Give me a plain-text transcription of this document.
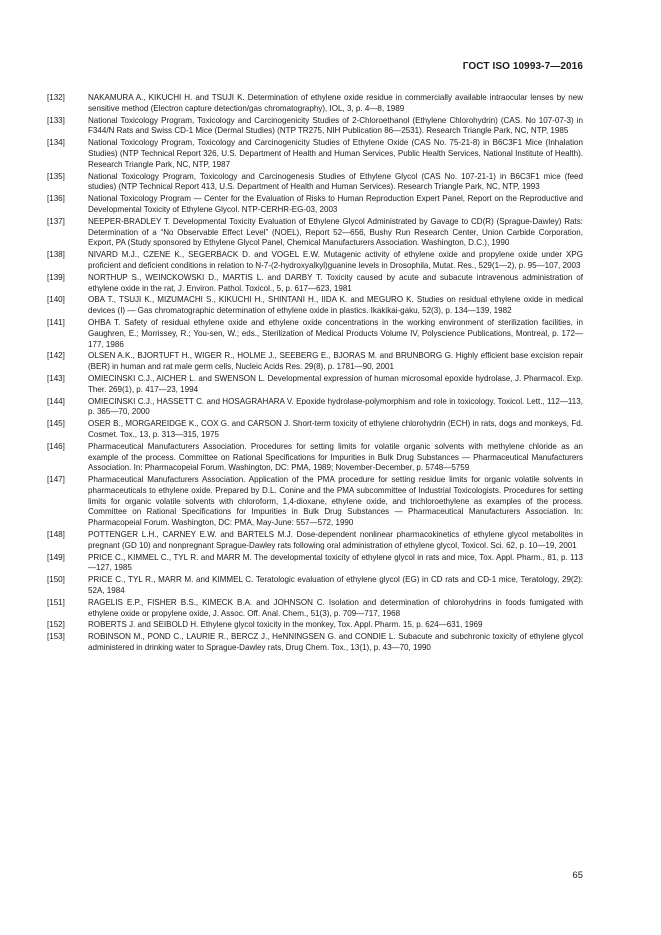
ГОСТ ISO 10993-7—2016
[132]	NAKAMURA A., KIKUCHI H. and TSUJI K. Determination of ethylene oxide residue in commercially available intraocular lenses by new sensitive method (Electron capture detection/gas chromatography), IOL, 3, p. 4—8, 1989
[133]	National Toxicology Program, Toxicology and Carcinogenicity Studies of 2-Chloroethanol (Ethylene Chlorohydrin) (CAS. No 107-07-3) in F344/N Rats and Swiss CD-1 Mice (Dermal Studies) (NTP TR275, NIH Publication 86—2531). Research Triangle Park, NC, NTP, 1985
[134]	National Toxicology Program, Toxicology and Carcinogenicity Studies of Ethylene Oxide (CAS No. 75-21-8) in B6C3F1 Mice (Inhalation Studies) (NTP Technical Report 326, U.S. Department of Health and Human Services, Public Health Services, National Institute of Health). Research Triangle Park, NC, NTP, 1987
[135]	National Toxicology Program, Toxicology and Carcinogenesis Studies of Ethylene Glycol (CAS No. 107-21-1) in B6C3F1 mice (feed studies) (NTP Technical Report 413, U.S. Department of Health and Human Services). Research Triangle Park, NC, NTP, 1993
[136]	National Toxicology Program — Center for the Evaluation of Risks to Human Reproduction Expert Panel, Report on the Reproductive and Developmental Toxicity of Ethylene Glycol. NTP-CERHR-EG-03, 2003
[137]	NEEPER-BRADLEY T. Developmental Toxicity Evaluation of Ethylene Glycol Administrated by Gavage to CD(R) (Sprague-Dawley) Rats: Determination of a “No Observable Effect Level” (NOEL), Report 52—656, Bushy Run Research Center, Union Carbide Corporation, Export, PA (Study sponsored by Ethylene Glycol Panel, Chemical Manufacturers Association. Washington, D.C.), 1990
[138]	NIVARD M.J., CZENE K., SEGERBACK D. and VOGEL E.W. Mutagenic activity of ethylene oxide and propylene oxide under XPG proficient and deficient conditions in relation to N-7-(2-hydroxyalkyl)guanine levels in Drosophila, Mutat. Res., 529(1—2), p. 95—107, 2003
[139]	NORTHUP S., WEINCKOWSKI D., MARTIS L. and DARBY T. Toxicity caused by acute and subacute intravenous administration of ethylene oxide in the rat, J. Environ. Pathol. Toxicol., 5, p. 617—623, 1981
[140]	OBA T., TSUJI K., MIZUMACHI S., KIKUCHI H., SHINTANI H., IIDA K. and MEGURO K. Studies on residual ethylene oxide in medical devices (I) — Gas chromatographic determination of ethylene oxide in plastics. Ikakikai-gaku, 52(3), p. 134—139, 1982
[141]	OHBA T. Safety of residual ethylene oxide and ethylene oxide concentrations in the working environment of sterilization facilities, in Gaughren, E.; Morrissey, R.; You-sen, W.; eds., Sterilization of Medical Products Volume IV, Polyscience Publications, Montreal, p. 172—177, 1986
[142]	OLSEN A.K., BJORTUFT H., WIGER R., HOLME J., SEEBERG E., BJORAS M. and BRUNBORG G. Highly efficient base excision repair (BER) in human and rat male germ cells, Nucleic Acids Res. 29(8), p. 1781—90, 2001
[143]	OMIECINSKI C.J., AICHER L. and SWENSON L. Developmental expression of human microsomal epoxide hydrolase, J. Pharmacol. Exp. Ther. 269(1), p. 417—23, 1994
[144]	OMIECINSKI C.J., HASSETT C. and HOSAGRAHARA V. Epoxide hydrolase-polymorphism and role in toxicology. Toxicol. Lett., 112—113, p. 365—70, 2000
[145]	OSER B., MORGAREIDGE K., COX G. and CARSON J. Short-term toxicity of ethylene chlorohydrin (ECH) in rats, dogs and monkeys, Fd. Cosmet. Tox., 13, p. 313—315, 1975
[146]	Pharmaceutical Manufacturers Association. Procedures for setting limits for volatile organic solvents with methylene chloride as an example of the process. Committee on Rational Specifications for Impurities in Bulk Drug Substances — Pharmaceutical Manufacturers Association. In: Pharmacopeial Forum. Washington, DC: PMA, 1989; November-December, p. 5748—5759
[147]	Pharmaceutical Manufacturers Association. Application of the PMA procedure for setting residue limits for organic volatile solvents in pharmaceuticals to ethylene oxide. Prepared by D.L. Conine and the PMA subcommittee of Industrial Toxicologists. Procedures for setting limits for organic volatile solvents with chloroform, 1,4-dioxane, ethylene oxide, and trichloroethylene as examples of the process. Committee on Rational Specifications for Impurities in Bulk Drug Substances — Pharmaceutical Manufacturers Association. In: Pharmacopeial Forum. Washington, DC: PMA, May-June: 557—572, 1990
[148]	POTTENGER L.H., CARNEY E.W. and BARTELS M.J. Dose-dependent nonlinear pharmacokinetics of ethylene glycol metabolites in pregnant (GD 10) and nonpregnant Sprague-Dawley rats following oral administration of ethylene glycol, Toxicol. Sci. 62, p. 10—19, 2001
[149]	PRICE C., KIMMEL C., TYL R. and MARR M. The developmental toxicity of ethylene glycol in rats and mice, Tox. Appl. Pharm., 81, p. 113—127, 1985
[150]	PRICE C., TYL R., MARR M. and KIMMEL C. Teratologic evaluation of ethylene glycol (EG) in CD rats and CD-1 mice, Teratology, 29(2): 52A, 1984
[151]	RAGELIS E.P., FISHER B.S., KIMECK B.A. and JOHNSON C. Isolation and determination of chlorohydrins in foods fumigated with ethylene oxide or propylene oxide, J. Assoc. Off. Anal. Chem., 51(3), p. 709—717, 1968
[152]	ROBERTS J. and SEIBOLD H. Ethylene glycol toxicity in the monkey, Tox. Appl. Pharm. 15, p. 624—631, 1969
[153]	ROBINSON M., POND C., LAURIE R., BERCZ J., HeNNINGSEN G. and CONDIE L. Subacute and subchronic toxicity of ethylene glycol administered in drinking water to Sprague-Dawley rats, Drug Chem. Tox., 13(1), p. 43—70, 1990
65
